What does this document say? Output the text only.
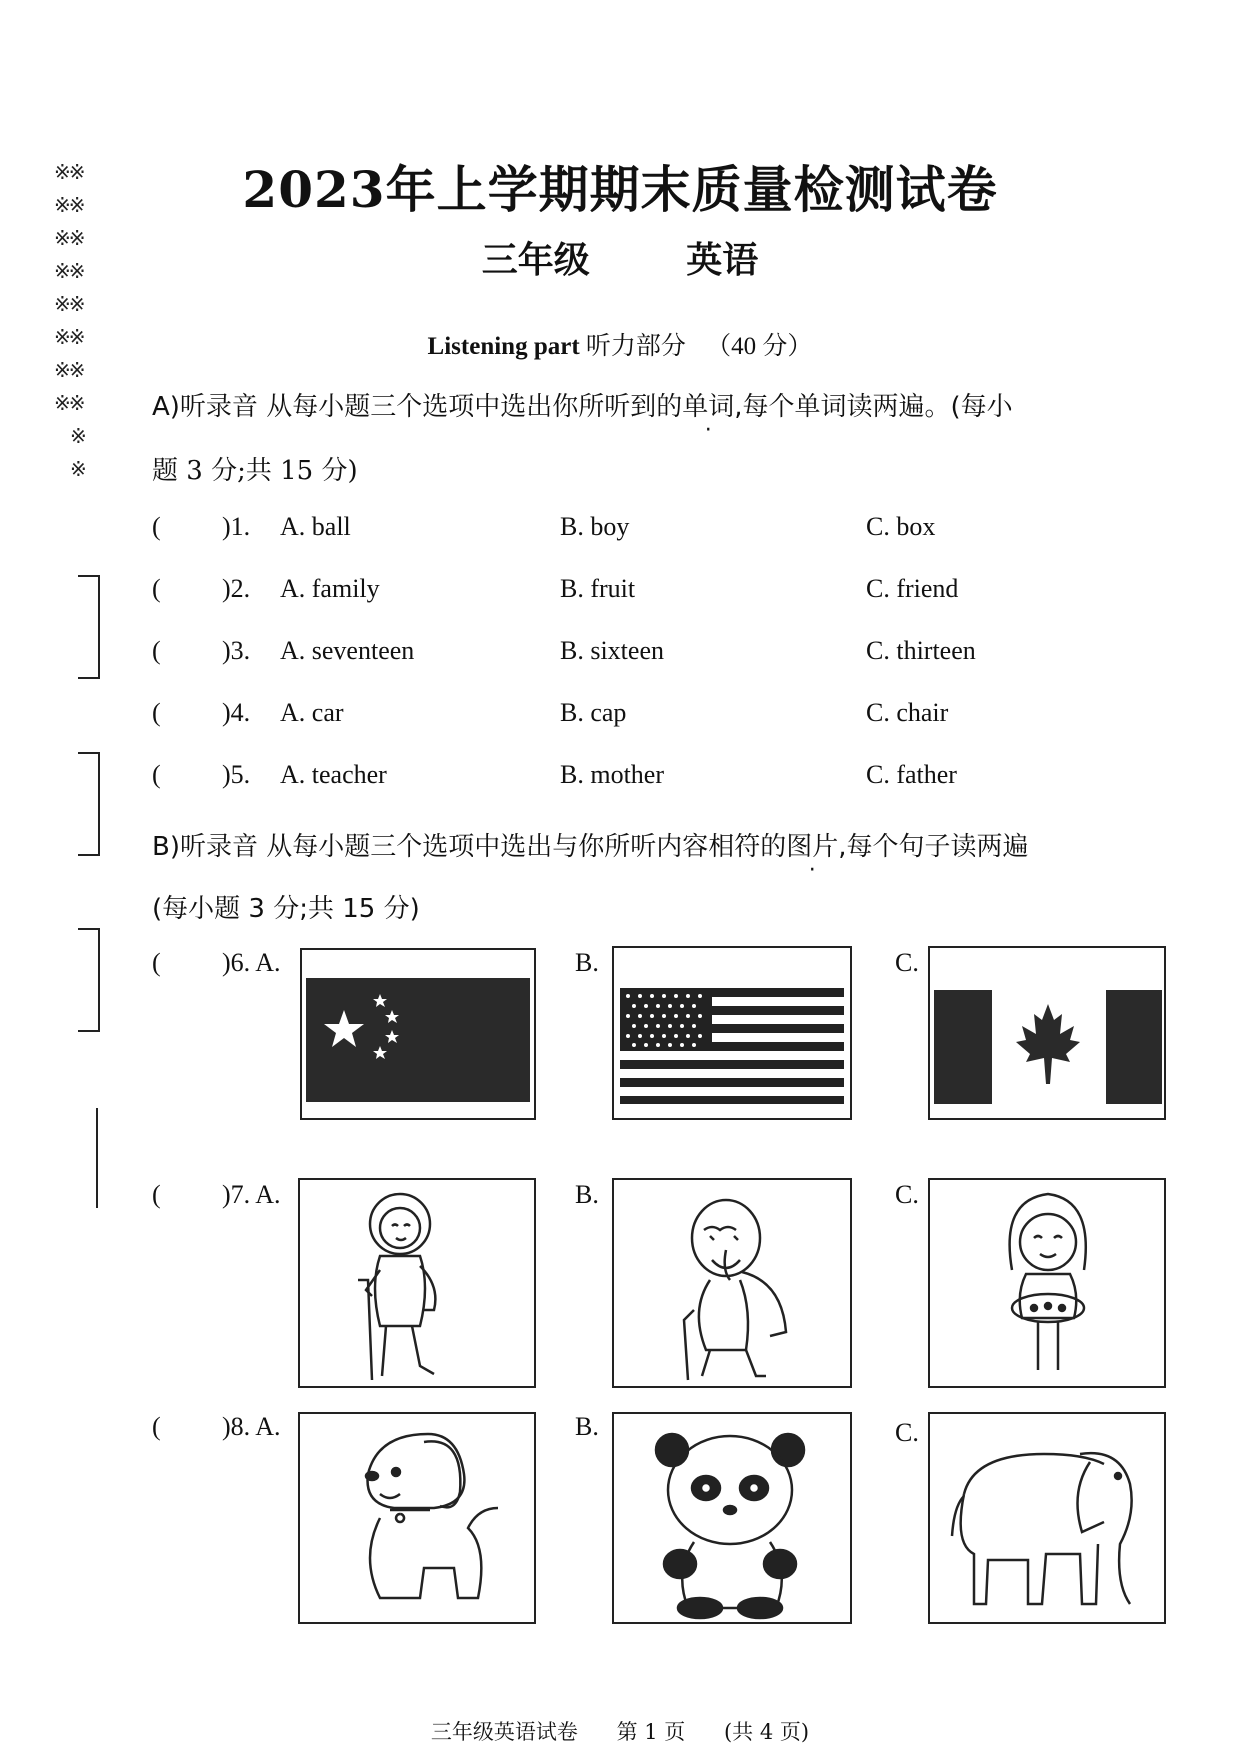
※※
※※
※※
※※
※※
※※
※※
※※
※
※
2023年上学期期末质量检测试卷
三年级	英语
Listening part 听力部分 （40 分）
A)听录音 从每小题三个选项中选出你所听到的单词,每个单词读两遍。(每小
题 3 分;共 15 分)
( )1. A. ball	B. boy	C. box
( )2. A. family	B. fruit	C. friend
( )3. A. seventeen	B. sixteen	C. thirteen
( )4. A. car	B. cap	C. chair
( )5. A. teacher	B. mother	C. father
B)听录音 从每小题三个选项中选出与你所听内容相符的图片,每个句子读两遍
(每小题 3 分;共 15 分)
( )6. A.	B.	C.
( )7. A.	B.	C.
( )8. A.	B.	C.
三年级英语试卷 第 1 页 (共 4 页)
